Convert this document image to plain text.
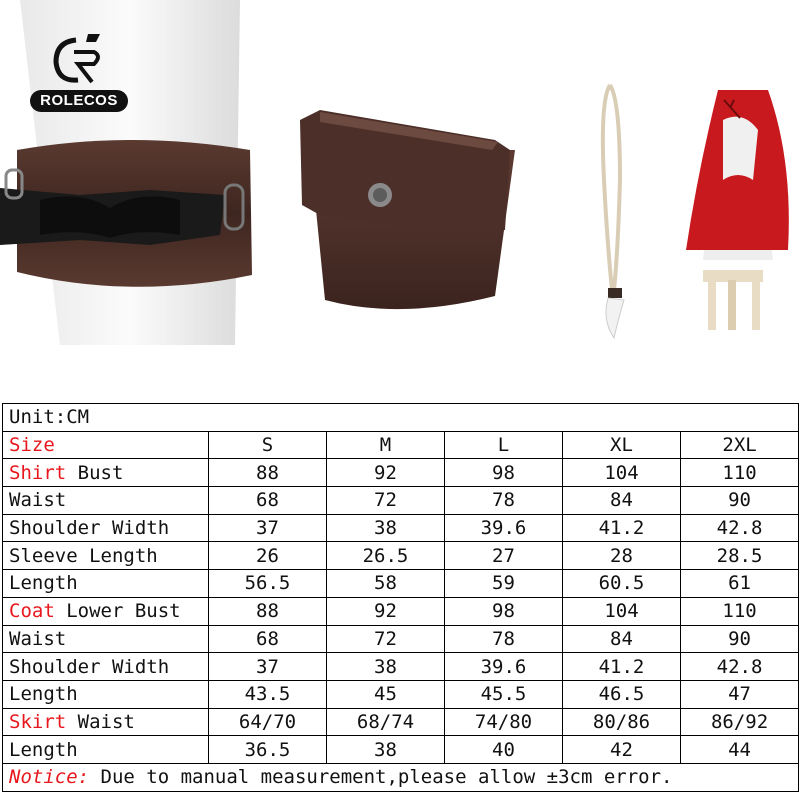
ROLECOS
Unit:CM					
Size	S	M	L	XL	2XL
Shirt Bust	88	92	98	104	110
Waist	68	72	78	84	90
Shoulder Width	37	38	39.6	41.2	42.8
Sleeve Length	26	26.5	27	28	28.5
Length	56.5	58	59	60.5	61
Coat Lower Bust	88	92	98	104	110
Waist	68	72	78	84	90
Shoulder Width	37	38	39.6	41.2	42.8
Length	43.5	45	45.5	46.5	47
Skirt Waist	64/70	68/74	74/80	80/86	86/92
Length	36.5	38	40	42	44
Notice: Due to manual measurement,please allow ±3cm error.					
